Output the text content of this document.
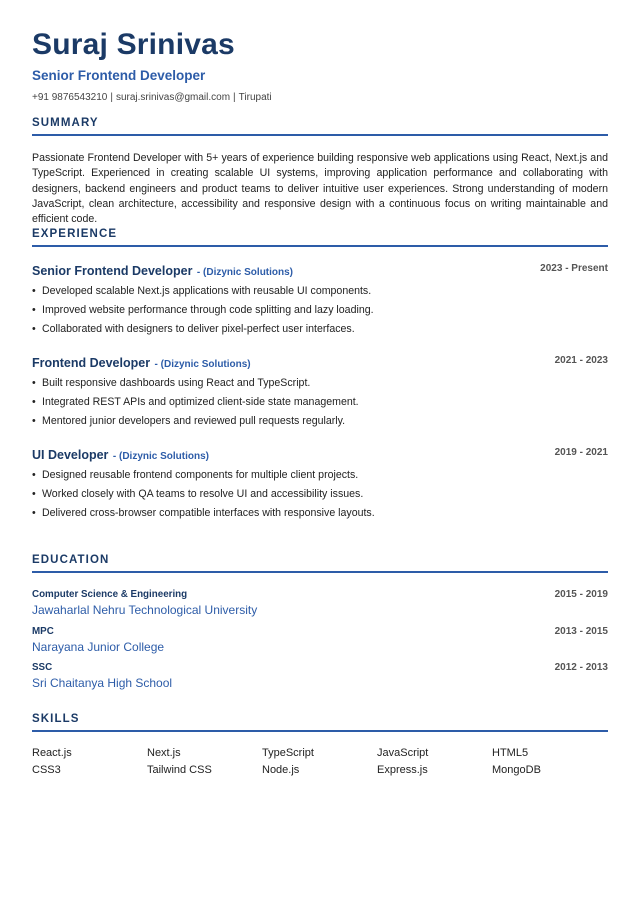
Suraj Srinivas
Senior Frontend Developer
+91 9876543210 | suraj.srinivas@gmail.com | Tirupati
SUMMARY
Passionate Frontend Developer with 5+ years of experience building responsive web applications using React, Next.js and TypeScript. Experienced in creating scalable UI systems, improving application performance and collaborating with designers, backend engineers and product teams to deliver intuitive user experiences. Strong understanding of modern JavaScript, clean architecture, accessibility and responsive design with a continuous focus on writing maintainable and efficient code.
EXPERIENCE
Senior Frontend Developer - (Dizynic Solutions)	2023 - Present
• Developed scalable Next.js applications with reusable UI components.
• Improved website performance through code splitting and lazy loading.
• Collaborated with designers to deliver pixel-perfect user interfaces.
Frontend Developer - (Dizynic Solutions)	2021 - 2023
• Built responsive dashboards using React and TypeScript.
• Integrated REST APIs and optimized client-side state management.
• Mentored junior developers and reviewed pull requests regularly.
UI Developer - (Dizynic Solutions)	2019 - 2021
• Designed reusable frontend components for multiple client projects.
• Worked closely with QA teams to resolve UI and accessibility issues.
• Delivered cross-browser compatible interfaces with responsive layouts.
EDUCATION
Computer Science & Engineering	2015 - 2019
Jawaharlal Nehru Technological University
MPC	2013 - 2015
Narayana Junior College
SSC	2012 - 2013
Sri Chaitanya High School
SKILLS
React.js	Next.js	TypeScript	JavaScript	HTML5
CSS3	Tailwind CSS	Node.js	Express.js	MongoDB
